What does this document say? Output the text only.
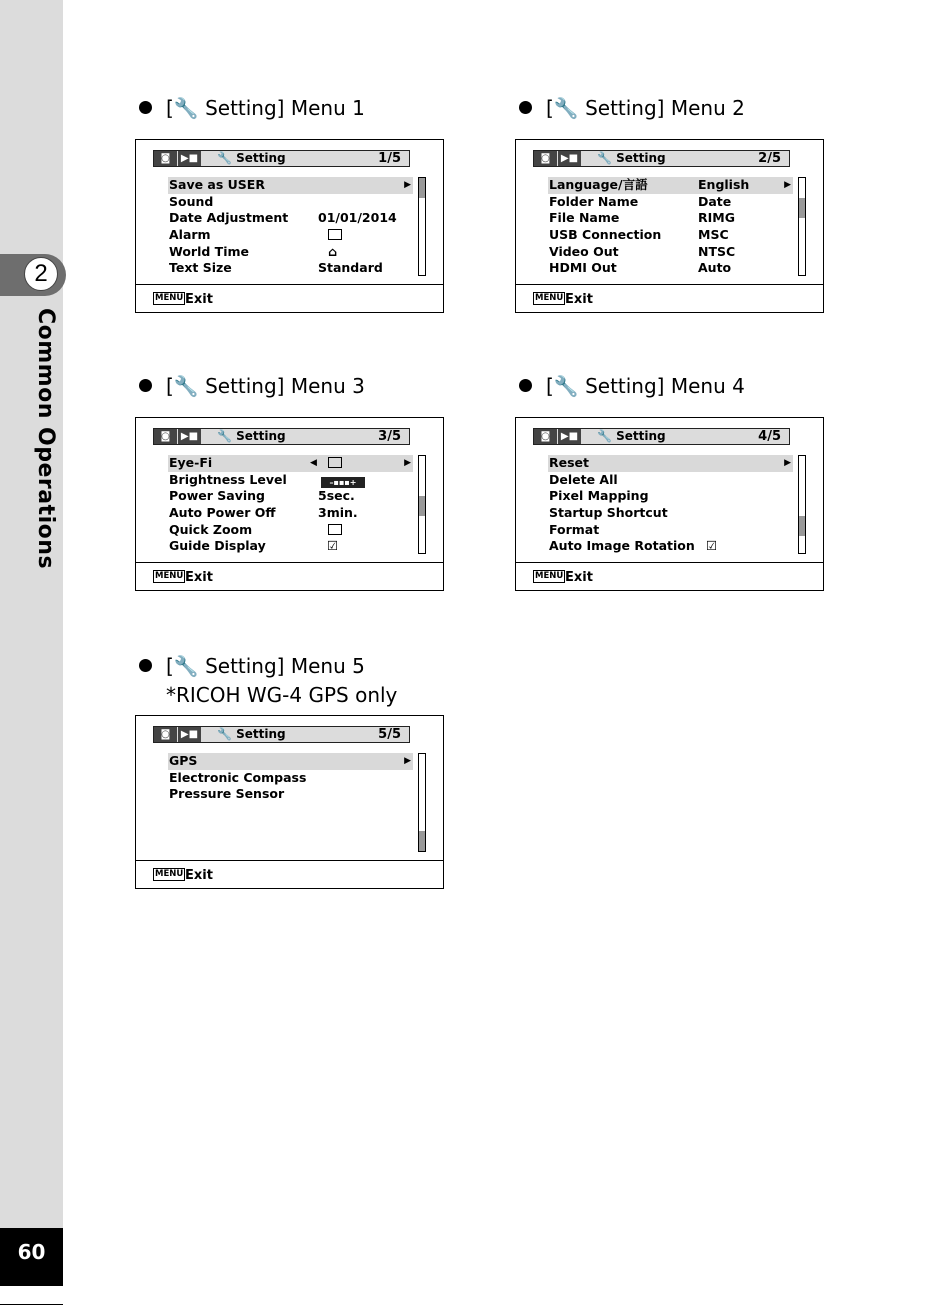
2
Common Operations
60
[🔧 Setting] Menu 1
◙	▶■ 🔧 Setting	1/5
Save as USER	▶
Sound
Date Adjustment 01/01/2014
Alarm
World Time	⌂
Text Size	Standard
MENU Exit
[🔧 Setting] Menu 2
◙	▶■ 🔧 Setting	2/5
Language/言語	English	▶
Folder Name	Date
File Name	RIMG
USB Connection	MSC
Video Out	NTSC
HDMI Out	Auto
MENU Exit
[🔧 Setting] Menu 3
◙	▶■ 🔧 Setting	3/5
Eye-Fi	◀	▶
Brightness Level	–▪▪▪+
Power Saving	5sec.
Auto Power Off	3min.
Quick Zoom
Guide Display	☑
MENU Exit
[🔧 Setting] Menu 4
◙	▶■ 🔧 Setting	4/5
Reset	▶
Delete All
Pixel Mapping
Startup Shortcut
Format
Auto Image Rotation ☑
MENU Exit
[🔧 Setting] Menu 5
*RICOH WG-4 GPS only
◙	▶■ 🔧 Setting	5/5
GPS	▶
Electronic Compass
Pressure Sensor
MENU Exit
